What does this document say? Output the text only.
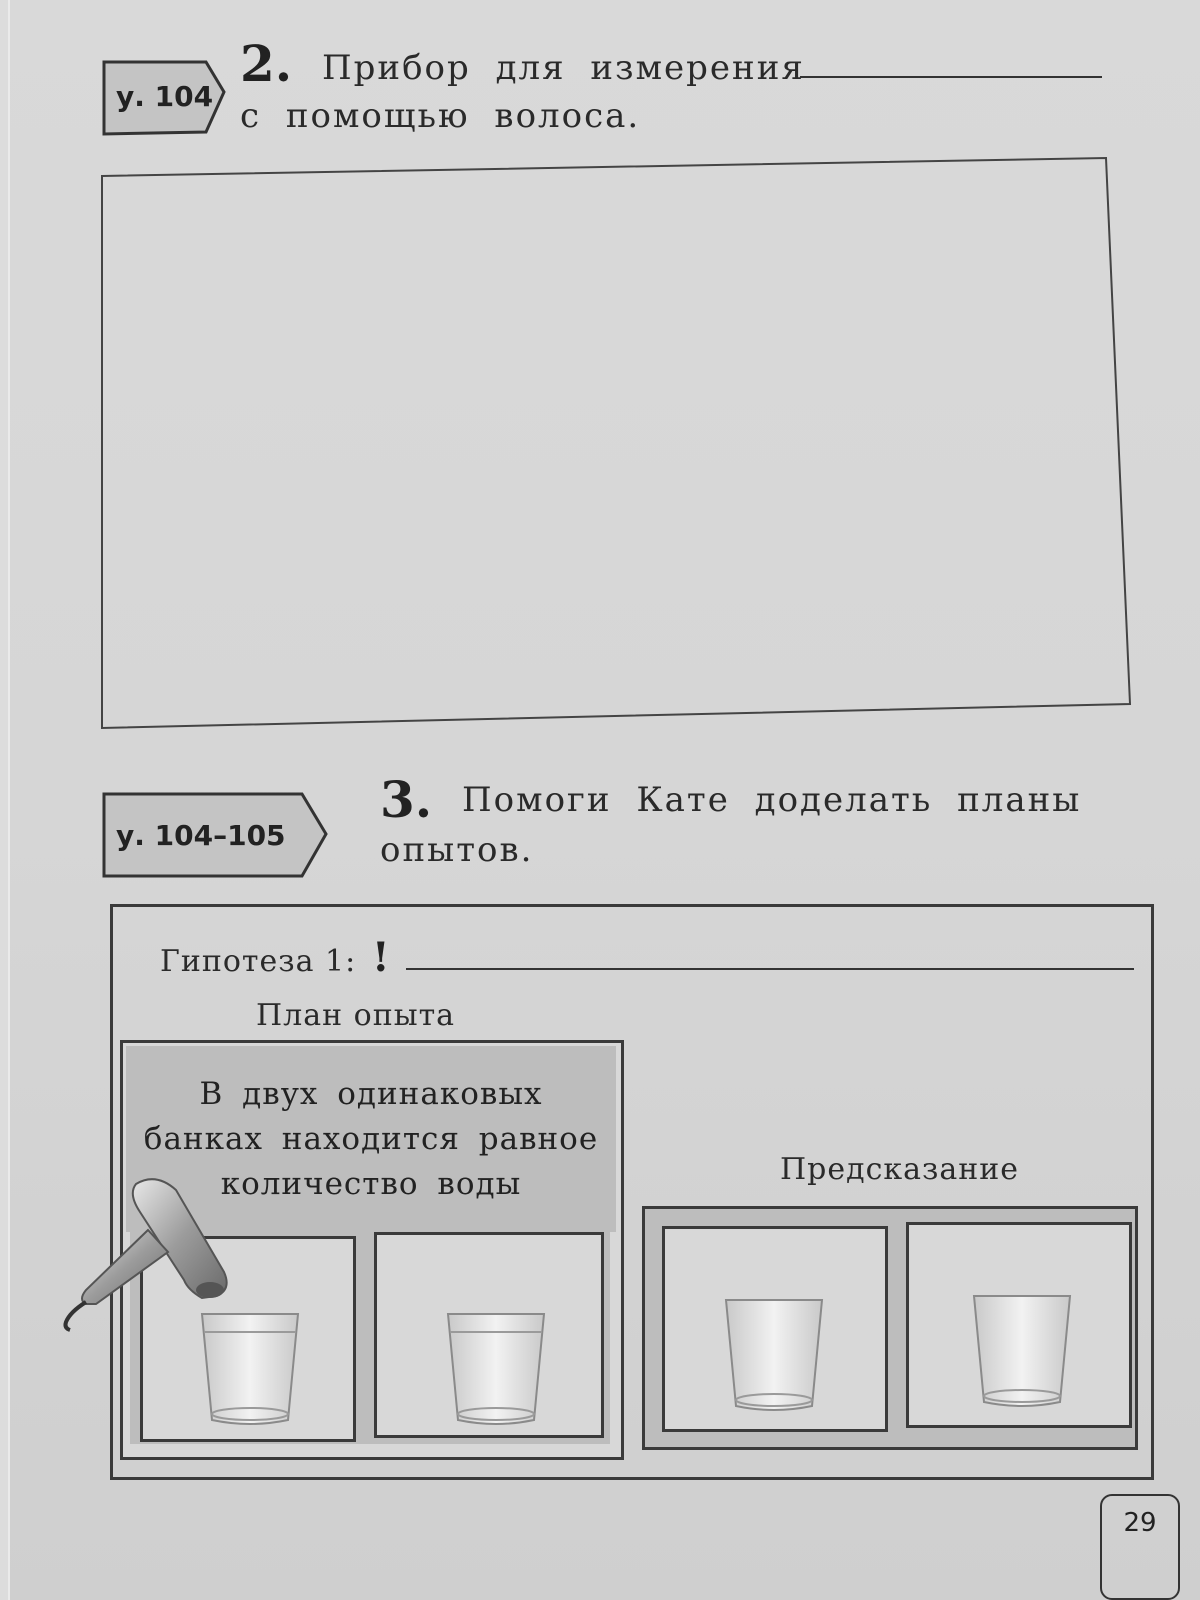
у. 104
2. Прибор для измерения
с помощью волоса.
у. 104–105
3. Помоги Кате доделать планы
опытов.
Гипотеза 1: !
План опыта
В двух одинаковых
банках находится равное
количество воды	Предсказание
29
